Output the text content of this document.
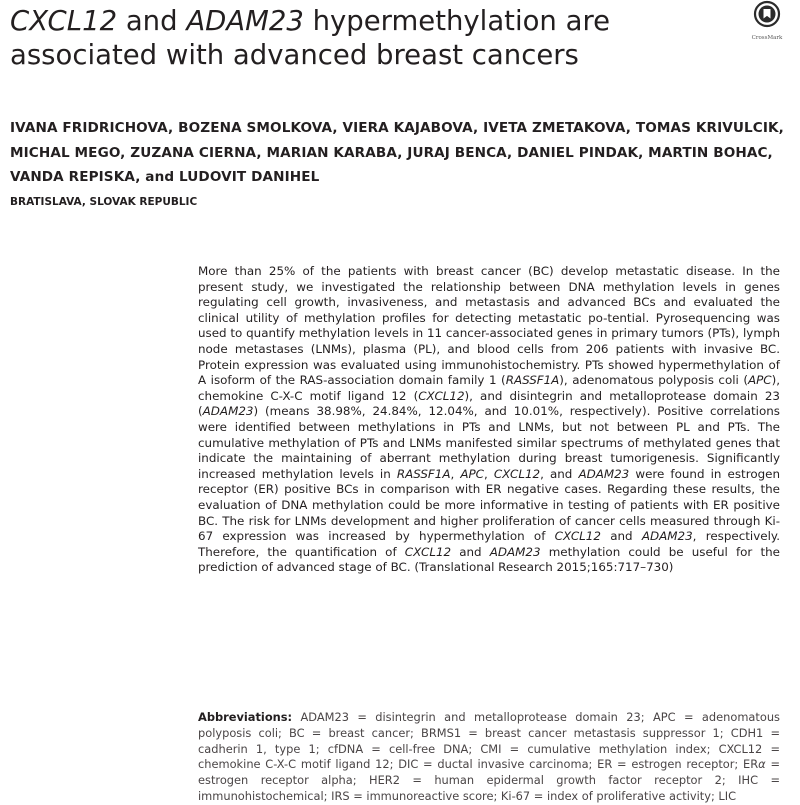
CXCL12 and ADAM23 hypermethylation are associated with advanced breast cancers
CrossMark

IVANA FRIDRICHOVA, BOZENA SMOLKOVA, VIERA KAJABOVA, IVETA ZMETAKOVA, TOMAS KRIVULCIK, MICHAL MEGO, ZUZANA CIERNA, MARIAN KARABA, JURAJ BENCA, DANIEL PINDAK, MARTIN BOHAC, VANDA REPISKA, and LUDOVIT DANIHEL

BRATISLAVA, SLOVAK REPUBLIC

More than 25% of the patients with breast cancer (BC) develop metastatic disease. In the present study, we investigated the relationship between DNA methylation levels in genes regulating cell growth, invasiveness, and metastasis and advanced BCs and evaluated the clinical utility of methylation profiles for detecting metastatic po-tential. Pyrosequencing was used to quantify methylation levels in 11 cancer-associated genes in primary tumors (PTs), lymph node metastases (LNMs), plasma (PL), and blood cells from 206 patients with invasive BC. Protein expression was evaluated using immunohistochemistry. PTs showed hypermethylation of A isoform of the RAS-association domain family 1 (RASSF1A), adenomatous polyposis coli (APC), chemokine C-X-C motif ligand 12 (CXCL12), and disintegrin and metalloprotease domain 23 (ADAM23) (means 38.98%, 24.84%, 12.04%, and 10.01%, respectively). Positive correlations were identified between methylations in PTs and LNMs, but not between PL and PTs. The cumulative methylation of PTs and LNMs manifested similar spectrums of methylated genes that indicate the maintaining of aberrant methylation during breast tumorigenesis. Significantly increased methylation levels in RASSF1A, APC, CXCL12, and ADAM23 were found in estrogen receptor (ER) positive BCs in comparison with ER negative cases. Regarding these results, the evaluation of DNA methylation could be more informative in testing of patients with ER positive BC. The risk for LNMs development and higher proliferation of cancer cells measured through Ki-67 expression was increased by hypermethylation of CXCL12 and ADAM23, respectively. Therefore, the quantification of CXCL12 and ADAM23 methylation could be useful for the prediction of advanced stage of BC. (Translational Research 2015;165:717–730)

Abbreviations: ADAM23 = disintegrin and metalloprotease domain 23; APC = adenomatous polyposis coli; BC = breast cancer; BRMS1 = breast cancer metastasis suppressor 1; CDH1 = cadherin 1, type 1; cfDNA = cell-free DNA; CMI = cumulative methylation index; CXCL12 = chemokine C-X-C motif ligand 12; DIC = ductal invasive carcinoma; ER = estrogen receptor; ERα = estrogen receptor alpha; HER2 = human epidermal growth factor receptor 2; IHC = immunohistochemical; IRS = immunoreactive score; Ki-67 = index of proliferative activity; LIC
